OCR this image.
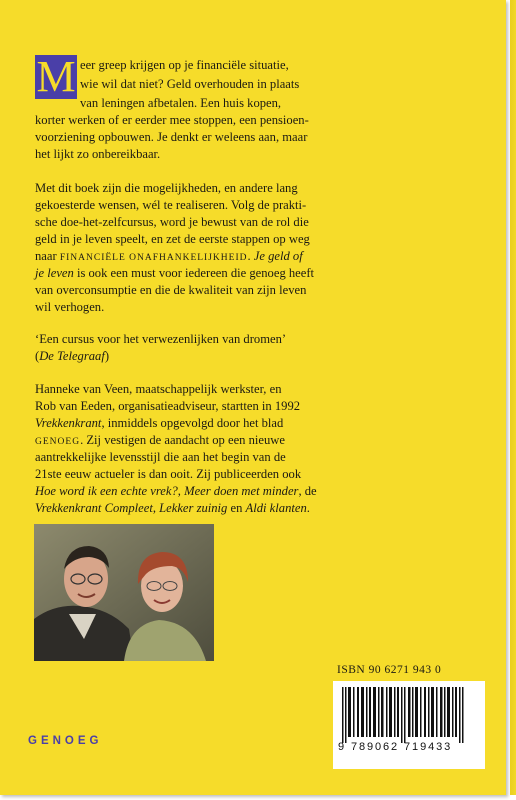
M eer greep krijgen op je financiële situatie,
wie wil dat niet? Geld overhouden in plaats
van leningen afbetalen. Een huis kopen,
korter werken of er eerder mee stoppen, een pensioen-
voorziening opbouwen. Je denkt er weleens aan, maar
het lijkt zo onbereikbaar.
Met dit boek zijn die mogelijkheden, en andere lang
gekoesterde wensen, wél te realiseren. Volg de prakti-
sche doe-het-zelfcursus, word je bewust van de rol die
geld in je leven speelt, en zet de eerste stappen op weg
naar FINANCIËLE ONAFHANKELIJKHEID. Je geld of
je leven is ook een must voor iedereen die genoeg heeft
van overconsumptie en die de kwaliteit van zijn leven
wil verhogen.
‘Een cursus voor het verwezenlijken van dromen’
(De Telegraaf)
Hanneke van Veen, maatschappelijk werkster, en
Rob van Eeden, organisatieadviseur, startten in 1992
Vrekkenkrant, inmiddels opgevolgd door het blad
GENOEG. Zij vestigen de aandacht op een nieuwe
aantrekkelijke levensstijl die aan het begin van de
21ste eeuw actueler is dan ooit. Zij publiceerden ook
Hoe word ik een echte vrek?, Meer doen met minder, de
Vrekkenkrant Compleet, Lekker zuinig en Aldi klanten.
ISBN 90 6271 943 0
9 789062 719433
GENOEG
